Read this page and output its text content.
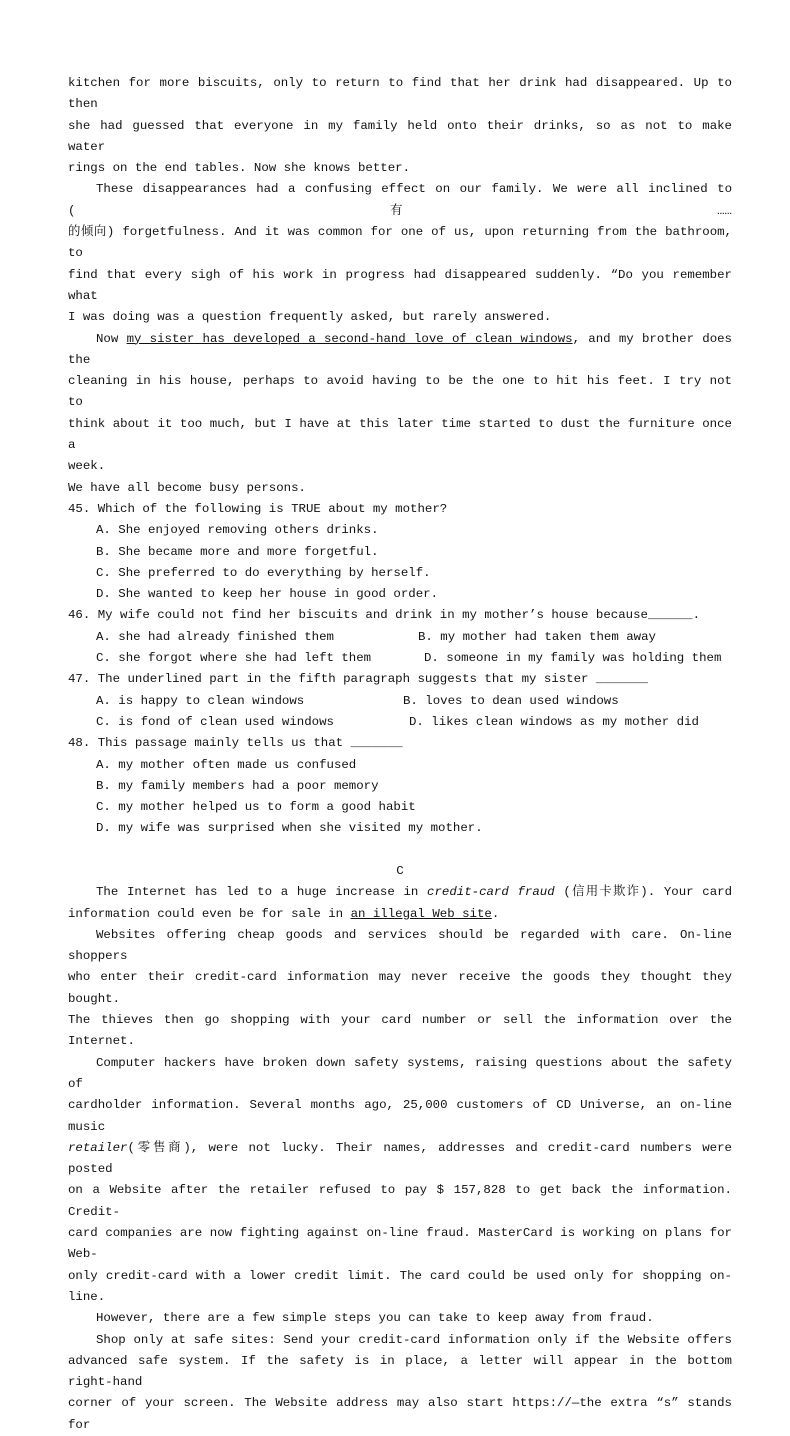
kitchen for more biscuits, only to return to find that her drink had disappeared. Up to then

she had guessed that everyone in my family held onto their drinks, so as not to make water

rings on the end tables. Now she knows better.

These disappearances had a confusing effect on our family. We were all inclined to (有……

的倾向) forgetfulness. And it was common for one of us, upon returning from the bathroom, to

find that every sigh of his work in progress had disappeared suddenly. “Do you remember what

I was doing was a question frequently asked, but rarely answered.

Now my sister has developed a second-hand love of clean windows, and my brother does the

cleaning in his house, perhaps to avoid having to be the one to hit his feet. I try not to

think about it too much, but I have at this later time started to dust the furniture once a

week.

We have all become busy persons.

45. Which of the following is TRUE about my mother?

A. She enjoyed removing others drinks.

B. She became more and more forgetful.

C. She preferred to do everything by herself.

D. She wanted to keep her house in good order.

46. My wife could not find her biscuits and drink in my mother’s house because______.

A. she had already finished them	B. my mother had taken them away

C. she forgot where she had left them	D. someone in my family was holding them

47. The underlined part in the fifth paragraph suggests that my sister _______

A. is happy to clean windows	B. loves to dean used windows

C. is fond of clean used windows	D. likes clean windows as my mother did

48. This passage mainly tells us that _______

A. my mother often made us confused

B. my family members had a poor memory

C. my mother helped us to form a good habit

D. my wife was surprised when she visited my mother.

C

The Internet has led to a huge increase in credit-card fraud (信用卡欺诈). Your card

information could even be for sale in an illegal Web site.

Websites offering cheap goods and services should be regarded with care. On-line shoppers

who enter their credit-card information may never receive the goods they thought they bought.

The thieves then go shopping with your card number or sell the information over the Internet.

Computer hackers have broken down safety systems, raising questions about the safety of

cardholder information. Several months ago, 25,000 customers of CD Universe, an on-line music

retailer(零售商), were not lucky. Their names, addresses and credit-card numbers were posted

on a Website after the retailer refused to pay $ 157,828 to get back the information. Credit-

card companies are now fighting against on-line fraud. MasterCard is working on plans for Web-

only credit-card with a lower credit limit. The card could be used only for shopping on-line.

However, there are a few simple steps you can take to keep away from fraud.

Shop only at safe sites: Send your credit-card information only if the Website offers

advanced safe system. If the safety is in place, a letter will appear in the bottom right-hand

corner of your screen. The Website address may also start https://—the extra “s” stands for
